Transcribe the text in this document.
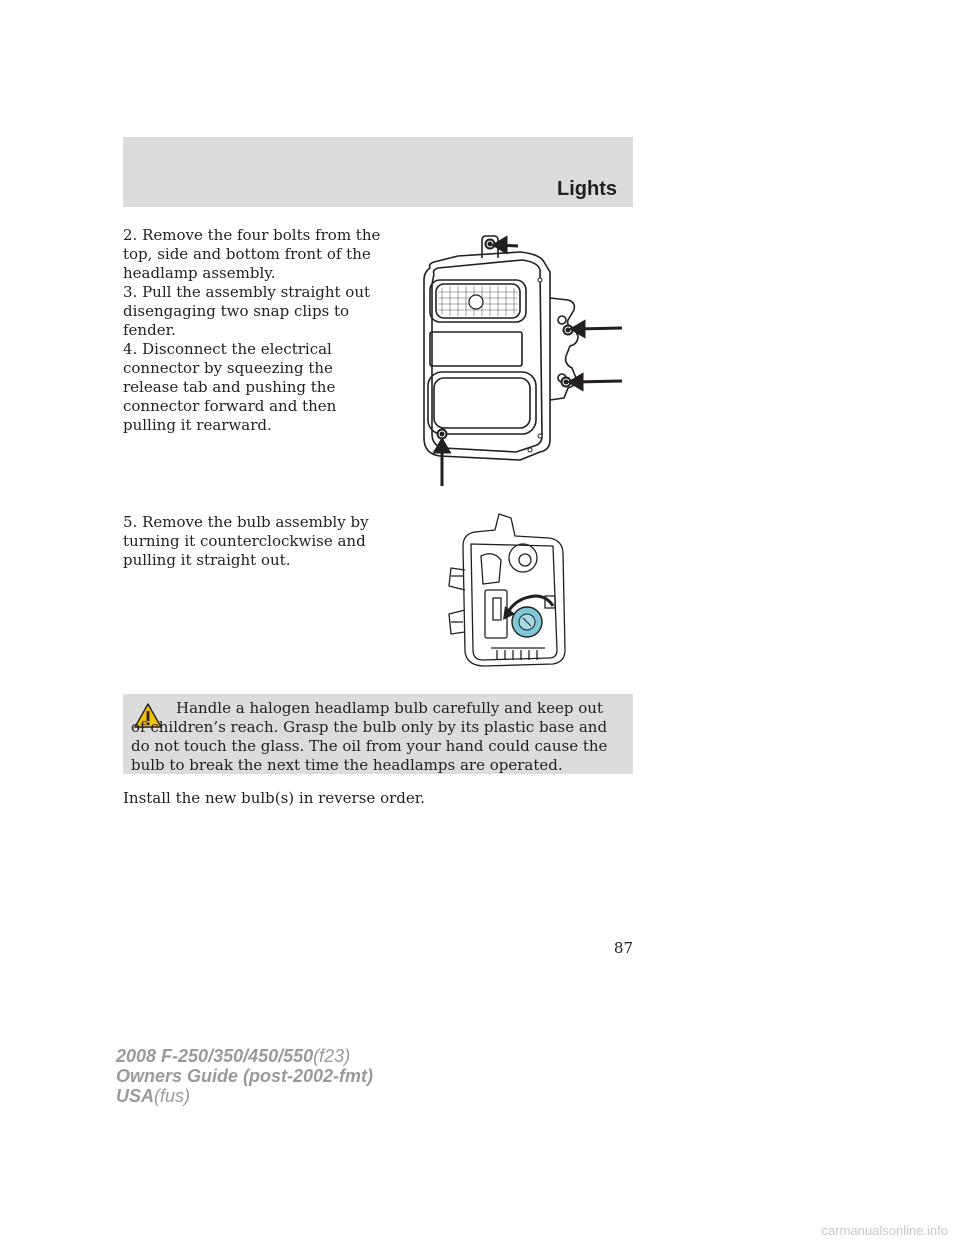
Lights

2. Remove the four bolts from the top, side and bottom front of the headlamp assembly.

3. Pull the assembly straight out disengaging two snap clips to fender.

4. Disconnect the electrical connector by squeezing the release tab and pushing the connector forward and then pulling it rearward.

5. Remove the bulb assembly by turning it counterclockwise and pulling it straight out.

Handle a halogen headlamp bulb carefully and keep out of children’s reach. Grasp the bulb only by its plastic base and do not touch the glass. The oil from your hand could cause the bulb to break the next time the headlamps are operated.

Install the new bulb(s) in reverse order.

87
2008 F-250/350/450/550(f23)
Owners Guide (post-2002-fmt)
USA(fus)
carmanualsonline.info
